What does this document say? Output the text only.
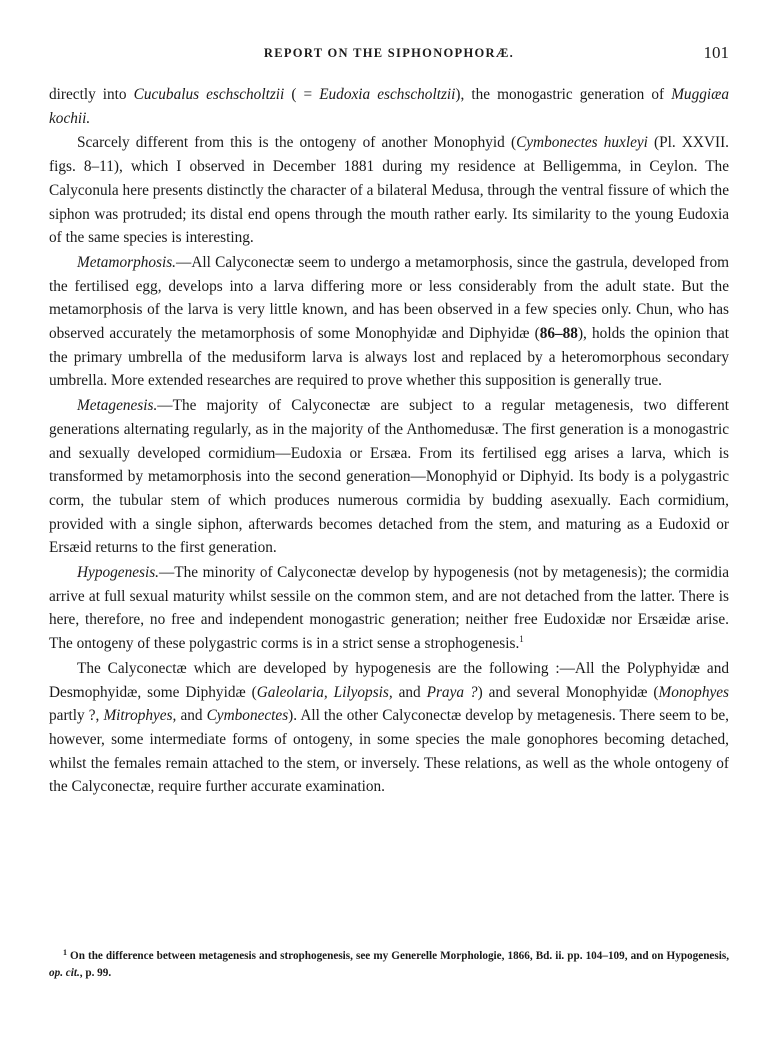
REPORT ON THE SIPHONOPHORÆ.	101

directly into Cucubalus eschscholtzii ( = Eudoxia eschscholtzii), the monogastric generation of Muggiæa kochii.

Scarcely different from this is the ontogeny of another Monophyid (Cymbonectes huxleyi (Pl. XXVII. figs. 8–11), which I observed in December 1881 during my residence at Belligemma, in Ceylon. The Calyconula here presents distinctly the character of a bilateral Medusa, through the ventral fissure of which the siphon was protruded; its distal end opens through the mouth rather early. Its similarity to the young Eudoxia of the same species is interesting.

Metamorphosis.—All Calyconectæ seem to undergo a metamorphosis, since the gastrula, developed from the fertilised egg, develops into a larva differing more or less considerably from the adult state. But the metamorphosis of the larva is very little known, and has been observed in a few species only. Chun, who has observed accurately the metamorphosis of some Monophyidæ and Diphyidæ (86–88), holds the opinion that the primary umbrella of the medusiform larva is always lost and replaced by a heteromorphous secondary umbrella. More extended researches are required to prove whether this supposition is generally true.

Metagenesis.—The majority of Calyconectæ are subject to a regular metagenesis, two different generations alternating regularly, as in the majority of the Anthomedusæ. The first generation is a monogastric and sexually developed cormidium—Eudoxia or Ersæa. From its fertilised egg arises a larva, which is transformed by metamorphosis into the second generation—Monophyid or Diphyid. Its body is a polygastric corm, the tubular stem of which produces numerous cormidia by budding asexually. Each cormidium, provided with a single siphon, afterwards becomes detached from the stem, and maturing as a Eudoxid or Ersæid returns to the first generation.

Hypogenesis.—The minority of Calyconectæ develop by hypogenesis (not by metagenesis); the cormidia arrive at full sexual maturity whilst sessile on the common stem, and are not detached from the latter. There is here, therefore, no free and independent monogastric generation; neither free Eudoxidæ nor Ersæidæ arise. The ontogeny of these polygastric corms is in a strict sense a strophogenesis.$^1$

The Calyconectæ which are developed by hypogenesis are the following :—All the Polyphyidæ and Desmophyidæ, some Diphyidæ (Galeolaria, Lilyopsis, and Praya ?) and several Monophyidæ (Monophyes partly ?, Mitrophyes, and Cymbonectes). All the other Calyconectæ develop by metagenesis. There seem to be, however, some intermediate forms of ontogeny, in some species the male gonophores becoming detached, whilst the females remain attached to the stem, or inversely. These relations, as well as the whole ontogeny of the Calyconectæ, require further accurate examination.

$^1$ On the difference between metagenesis and strophogenesis, see my Generelle Morphologie, 1866, Bd. ii. pp. 104–109, and on Hypogenesis, op. cit., p. 99.
